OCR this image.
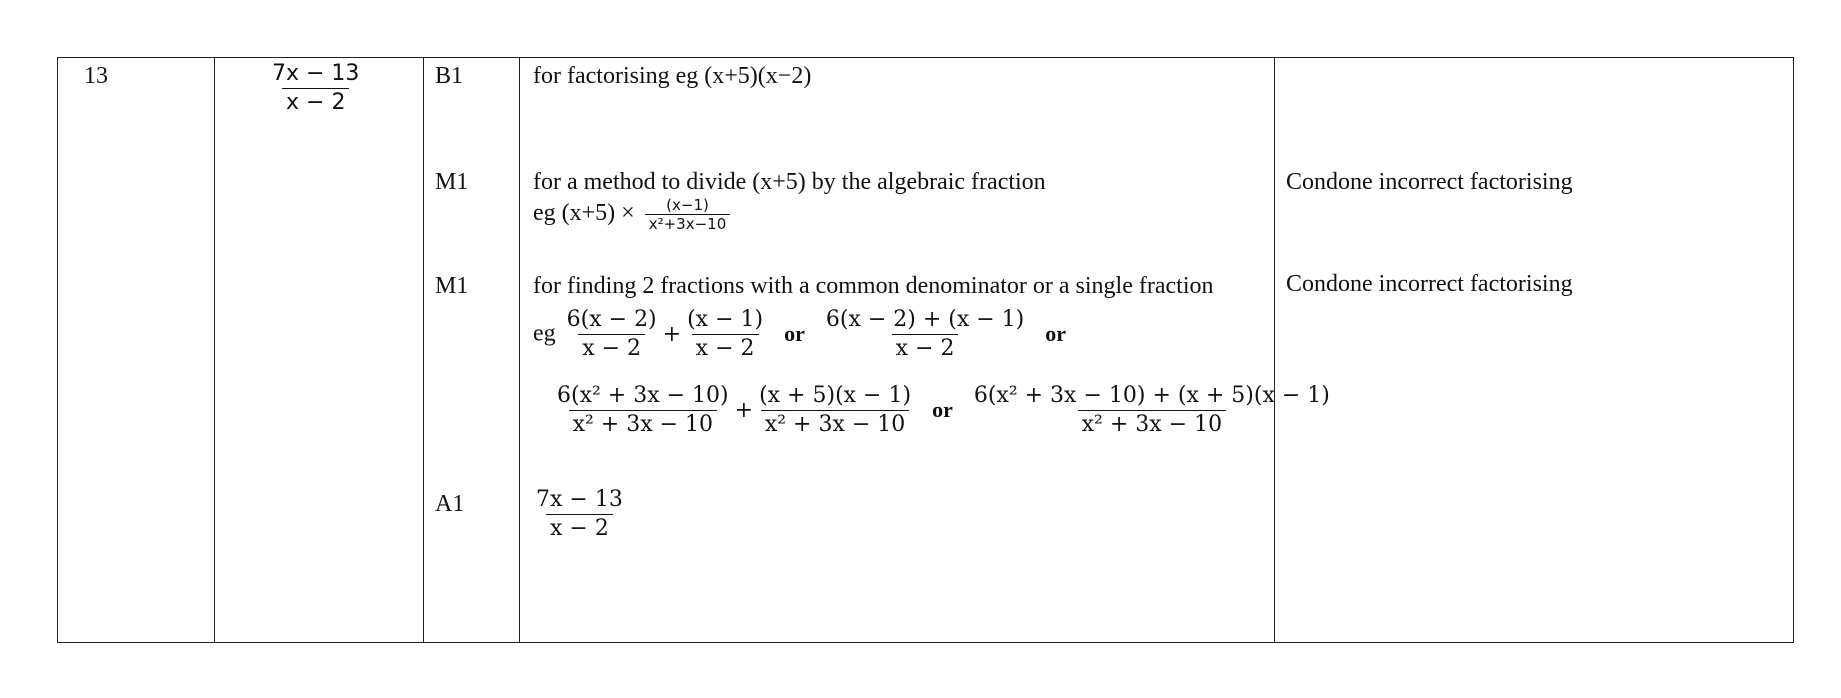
13	$\frac{7x - 13}{x - 2}$	B1
M1
M1
A1
for factorising eg (x+5)(x−2)
for a method to divide (x+5) by the algebraic fraction
eg $(x+5) \times \frac{(x-1)}{\text{x²+3x−10}}$
for finding 2 fractions with a common denominator or a single fraction
eg $\frac{6(x - 2)}{x - 2} + \frac{(x - 1)}{x - 2}$ or $\frac{6(x - 2) + (x - 1)}{x - 2}$ or
$\frac{\text{6(x² + 3x − 10)}}{\text{x² + 3x − 10}} + \frac{(x + 5)(x - 1)}{\text{x² + 3x − 10}}$ or $\frac{\text{6(x² + 3x − 10) + (x + 5)(x − 1)}}{\text{x² + 3x − 10}}$
$\frac{7x - 13}{x - 2}$
Condone incorrect factorising
Condone incorrect factorising
